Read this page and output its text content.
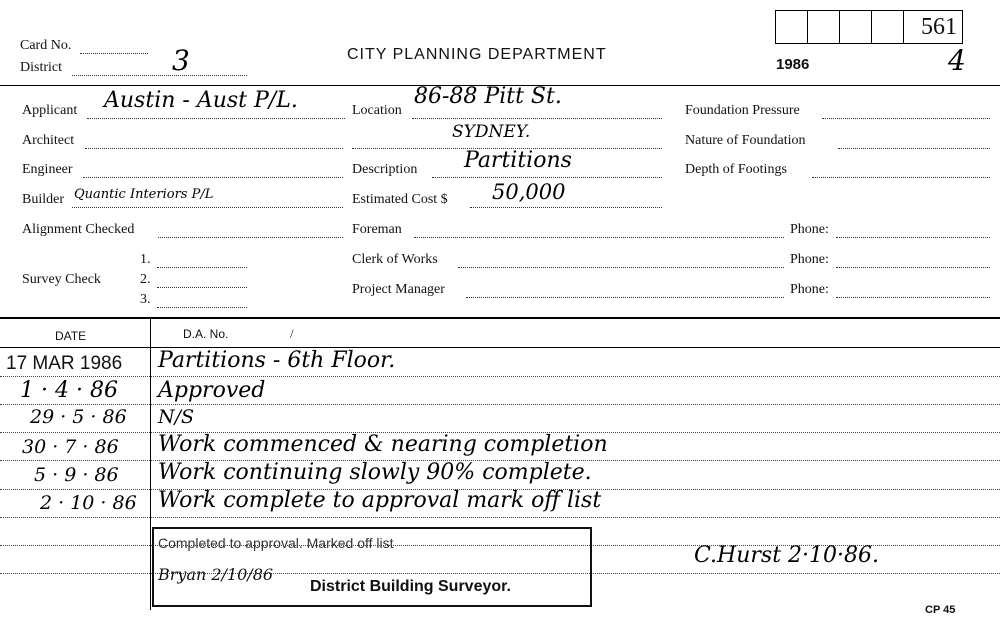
Card No.
District	3	CITY PLANNING DEPARTMENT
561
1986	4
Applicant Austin - Aust P/L.
Architect
Engineer
Builder Quantic Interiors P/L
Alignment Checked
Survey Check
1.
2.
3.
Location
86-88 Pitt St.
SYDNEY.
Description Partitions
Estimated Cost $ 50,000
Foreman
Clerk of Works
Project Manager
Foundation Pressure
Nature of Foundation
Depth of Footings
Phone:
Phone:
Phone:
DATE	D.A. No.	/
17 MAR 1986 Partitions - 6th Floor.
1 · 4 · 86 Approved
29 · 5 · 86 N/S
30 · 7 · 86 Work commenced & nearing completion
5 · 9 · 86 Work continuing slowly 90% complete.
2 · 10 · 86 Work complete to approval mark off list
Completed to approval. Marked off list
Bryan 2/10/86
District Building Surveyor.
C.Hurst 2·10·86.
CP 45
